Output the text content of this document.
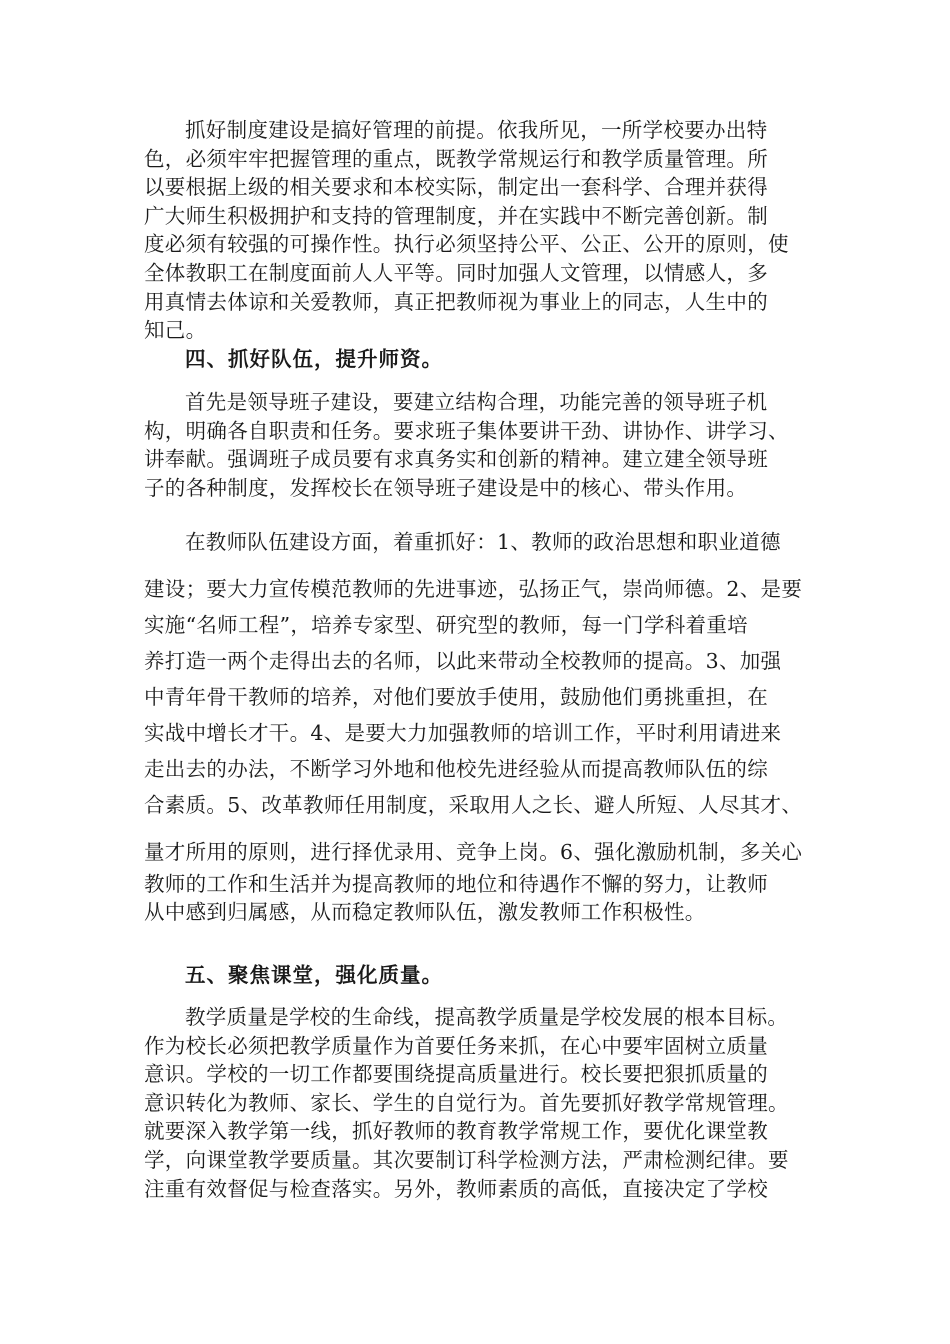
抓好制度建设是搞好管理的前提。依我所见，一所学校要办出特
色，必须牢牢把握管理的重点，既教学常规运行和教学质量管理。所
以要根据上级的相关要求和本校实际，制定出一套科学、合理并获得
广大师生积极拥护和支持的管理制度，并在实践中不断完善创新。制
度必须有较强的可操作性。执行必须坚持公平、公正、公开的原则，使
全体教职工在制度面前人人平等。同时加强人文管理，以情感人，多
用真情去体谅和关爱教师，真正把教师视为事业上的同志，人生中的
知己。
四、抓好队伍，提升师资。
首先是领导班子建设，要建立结构合理，功能完善的领导班子机
构，明确各自职责和任务。要求班子集体要讲干劲、讲协作、讲学习、
讲奉献。强调班子成员要有求真务实和创新的精神。建立建全领导班
子的各种制度，发挥校长在领导班子建设是中的核心、带头作用。
在教师队伍建设方面，着重抓好：1、教师的政治思想和职业道德
建设；要大力宣传模范教师的先进事迹，弘扬正气，崇尚师德。2、是要
实施“名师工程”，培养专家型、研究型的教师，每一门学科着重培
养打造一两个走得出去的名师，以此来带动全校教师的提高。3、加强
中青年骨干教师的培养，对他们要放手使用，鼓励他们勇挑重担，在
实战中增长才干。4、是要大力加强教师的培训工作，平时利用请进来
走出去的办法，不断学习外地和他校先进经验从而提高教师队伍的综
合素质。5、改革教师任用制度，采取用人之长、避人所短、人尽其才、
量才所用的原则，进行择优录用、竞争上岗。6、强化激励机制，多关心
教师的工作和生活并为提高教师的地位和待遇作不懈的努力，让教师
从中感到归属感，从而稳定教师队伍，激发教师工作积极性。
五、聚焦课堂，强化质量。
教学质量是学校的生命线，提高教学质量是学校发展的根本目标。
作为校长必须把教学质量作为首要任务来抓，在心中要牢固树立质量
意识。学校的一切工作都要围绕提高质量进行。校长要把狠抓质量的
意识转化为教师、家长、学生的自觉行为。首先要抓好教学常规管理。
就要深入教学第一线，抓好教师的教育教学常规工作，要优化课堂教
学，向课堂教学要质量。其次要制订科学检测方法，严肃检测纪律。要
注重有效督促与检查落实。另外，教师素质的高低，直接决定了学校
